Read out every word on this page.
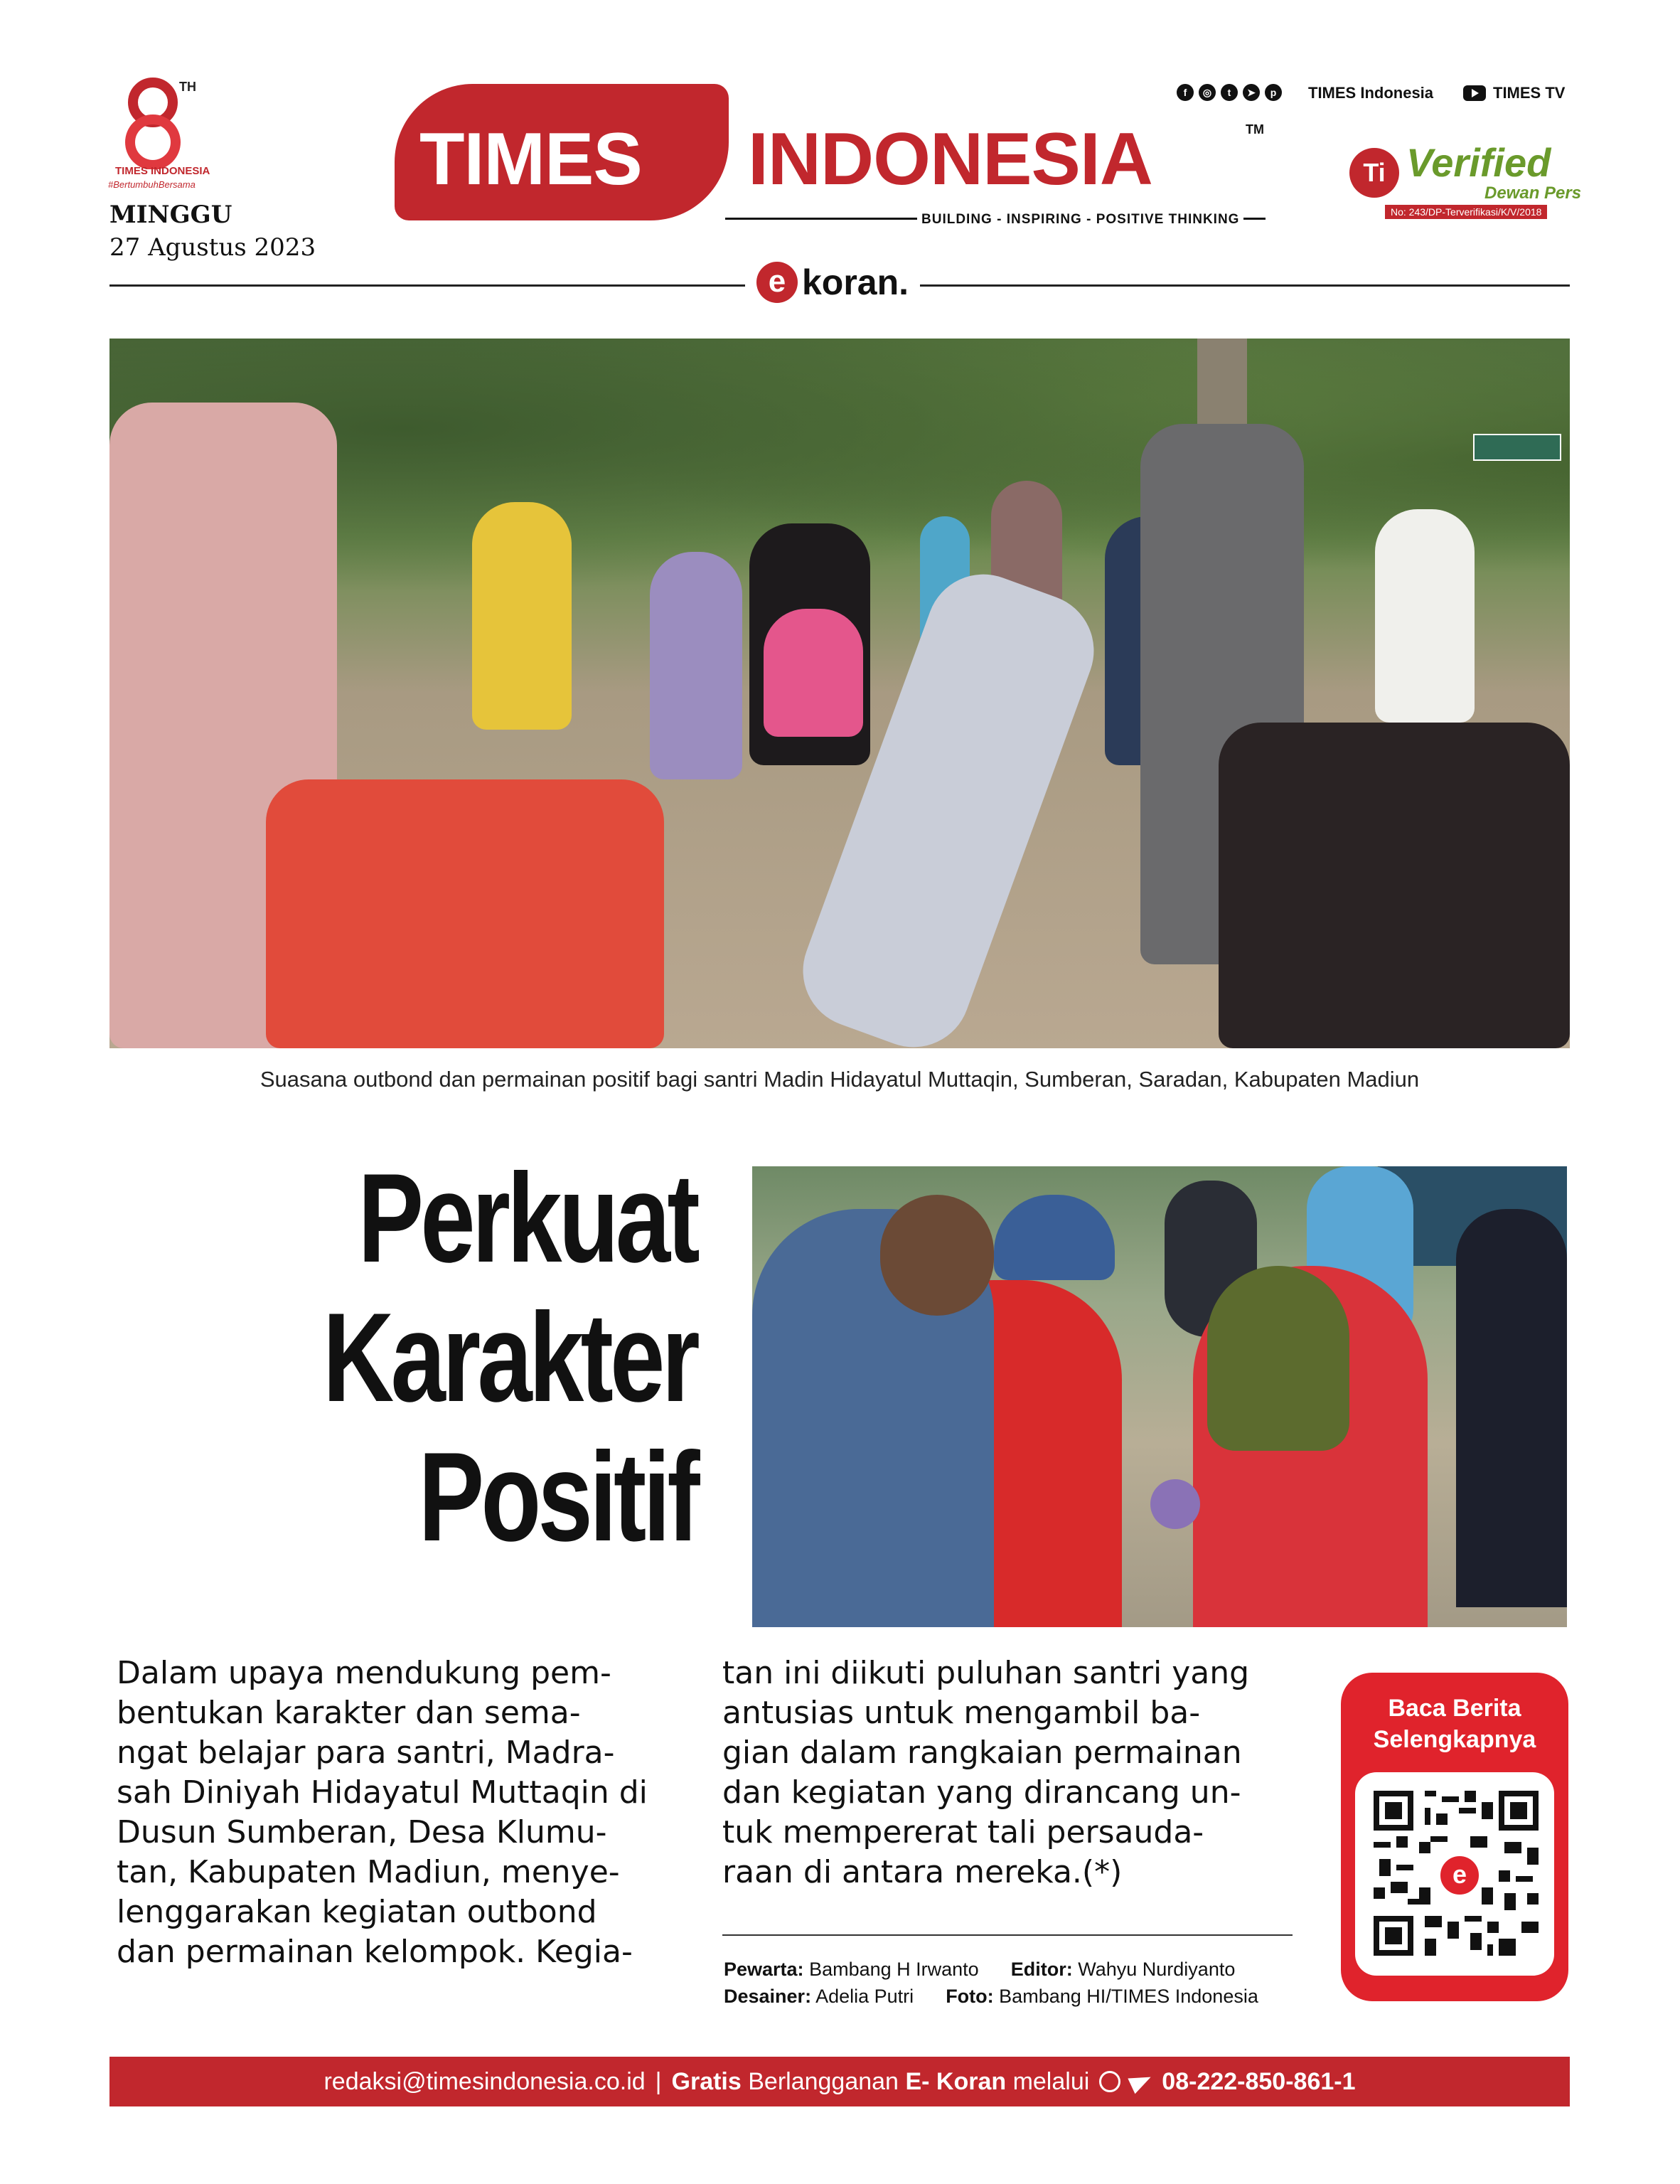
TH
TIMES INDONESIA
#BertumbuhBersama
MINGGU
27 Agustus 2023
TIMES INDONESIA	TM
BUILDING - INSPIRING - POSITIVE THINKING
f	◎	t	➤	p	TIMES Indonesia	TIMES TV
Ti Verified
Dewan Pers
No: 243/DP-Terverifikasi/K/V/2018
e koran.
Suasana outbond dan permainan positif bagi santri Madin Hidayatul Muttaqin, Sumberan, Saradan, Kabupaten Madiun
Perkuat
Karakter
Positif
Dalam upaya mendukung pem-
bentukan karakter dan sema-
ngat belajar para santri, Madra-
sah Diniyah Hidayatul Muttaqin di
Dusun Sumberan, Desa Klumu-
tan, Kabupaten Madiun, menye-
lenggarakan kegiatan outbond
dan permainan kelompok. Kegia-
tan ini diikuti puluhan santri yang
antusias untuk mengambil ba-
gian dalam rangkaian permainan
dan kegiatan yang dirancang un-
tuk mempererat tali persauda-
raan di antara mereka.(*)
Pewarta: Bambang H Irwanto Editor: Wahyu Nurdiyanto
Desainer: Adelia Putri Foto: Bambang HI/TIMES Indonesia
Baca Berita
Selengkapnya
e
redaksi@timesindonesia.co.id | Gratis Berlangganan E- Koran melalui	08-222-850-861-1
